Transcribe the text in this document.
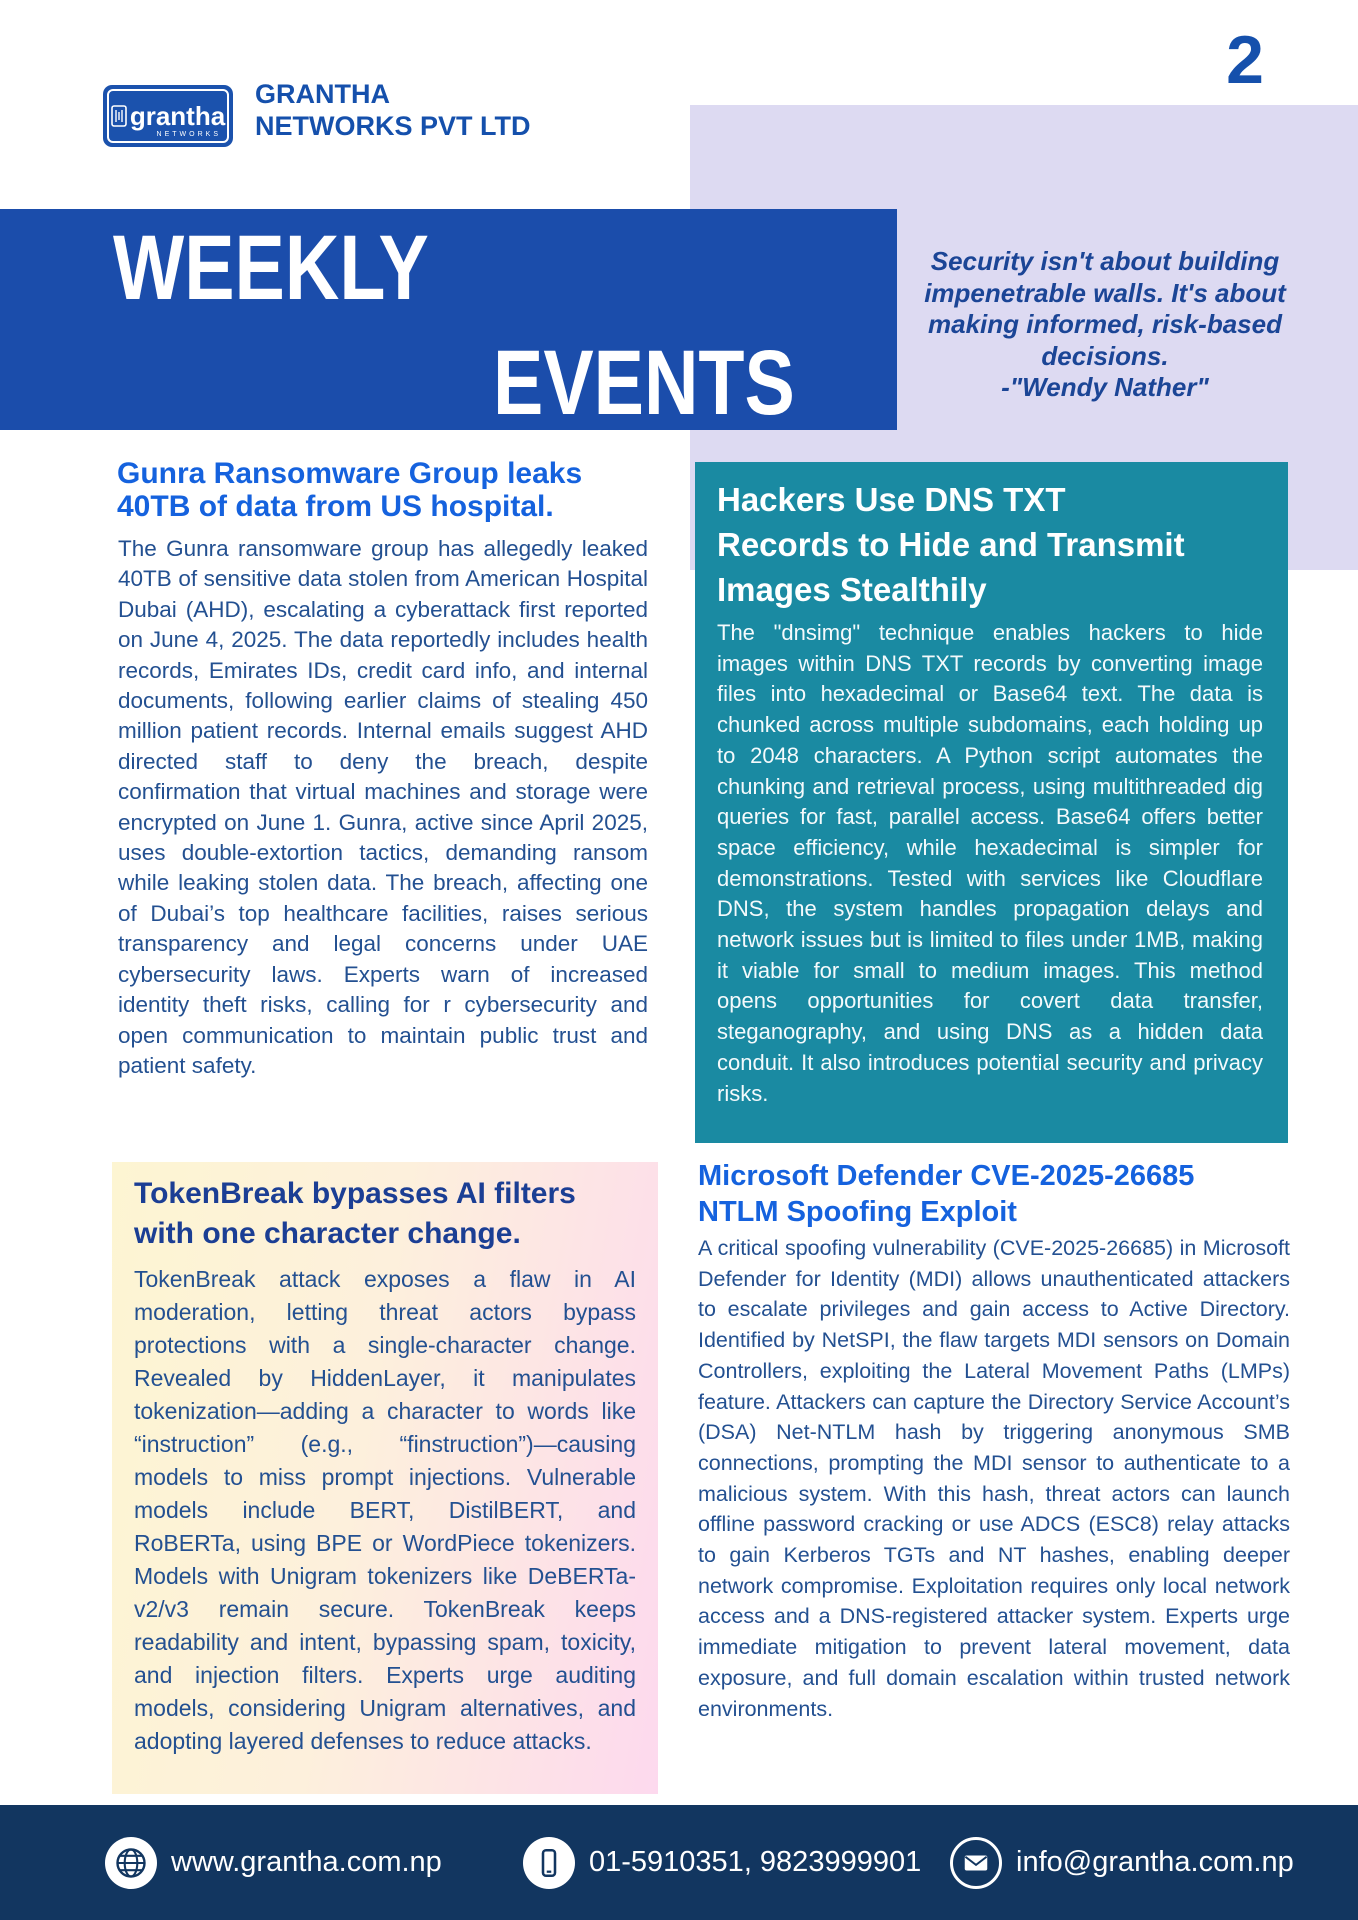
grantha
NETWORKS
GRANTHA
NETWORKS PVT LTD
2
WEEKLY
EVENTS
Security isn't about building
impenetrable walls. It's about
making informed, risk-based
decisions.
-"Wendy Nather"
Gunra Ransomware Group leaks
40TB of data from US hospital.
The Gunra ransomware group has allegedly leaked 40TB of sensitive data stolen from American Hospital Dubai (AHD), escalating a cyberattack first reported on June 4, 2025. The data reportedly includes health records, Emirates IDs, credit card info, and internal documents, following earlier claims of stealing 450 million patient records. Internal emails suggest AHD directed staff to deny the breach, despite confirmation that virtual machines and storage were encrypted on June 1. Gunra, active since April 2025, uses double-extortion tactics, demanding ransom while leaking stolen data. The breach, affecting one of Dubai’s top healthcare facilities, raises serious transparency and legal concerns under UAE cybersecurity laws. Experts warn of increased identity theft risks, calling for r cybersecurity and open communication to maintain public trust and patient safety.
Hackers Use DNS TXT
Records to Hide and Transmit
Images Stealthily
The "dnsimg" technique enables hackers to hide images within DNS TXT records by converting image files into hexadecimal or Base64 text. The data is chunked across multiple subdomains, each holding up to 2048 characters. A Python script automates the chunking and retrieval process, using multithreaded dig queries for fast, parallel access. Base64 offers better space efficiency, while hexadecimal is simpler for demonstrations. Tested with services like Cloudflare DNS, the system handles propagation delays and network issues but is limited to files under 1MB, making it viable for small to medium images. This method opens opportunities for covert data transfer, steganography, and using DNS as a hidden data conduit. It also introduces potential security and privacy risks.
TokenBreak bypasses AI filters
with one character change.
TokenBreak attack exposes a flaw in AI moderation, letting threat actors bypass protections with a single-character change. Revealed by HiddenLayer, it manipulates tokenization—adding a character to words like “instruction” (e.g., “finstruction”)—causing models to miss prompt injections. Vulnerable models include BERT, DistilBERT, and RoBERTa, using BPE or WordPiece tokenizers. Models with Unigram tokenizers like DeBERTa-v2/v3 remain secure. TokenBreak keeps readability and intent, bypassing spam, toxicity, and injection filters. Experts urge auditing models, considering Unigram alternatives, and adopting layered defenses to reduce attacks.
Microsoft Defender CVE-2025-26685
NTLM Spoofing Exploit
A critical spoofing vulnerability (CVE-2025-26685) in Microsoft Defender for Identity (MDI) allows unauthenticated attackers to escalate privileges and gain access to Active Directory. Identified by NetSPI, the flaw targets MDI sensors on Domain Controllers, exploiting the Lateral Movement Paths (LMPs) feature. Attackers can capture the Directory Service Account’s (DSA) Net-NTLM hash by triggering anonymous SMB connections, prompting the MDI sensor to authenticate to a malicious system. With this hash, threat actors can launch offline password cracking or use ADCS (ESC8) relay attacks to gain Kerberos TGTs and NT hashes, enabling deeper network compromise. Exploitation requires only local network access and a DNS-registered attacker system. Experts urge immediate mitigation to prevent lateral movement, data exposure, and full domain escalation within trusted network environments.
www.grantha.com.np	01-5910351, 9823999901	info@grantha.com.np
